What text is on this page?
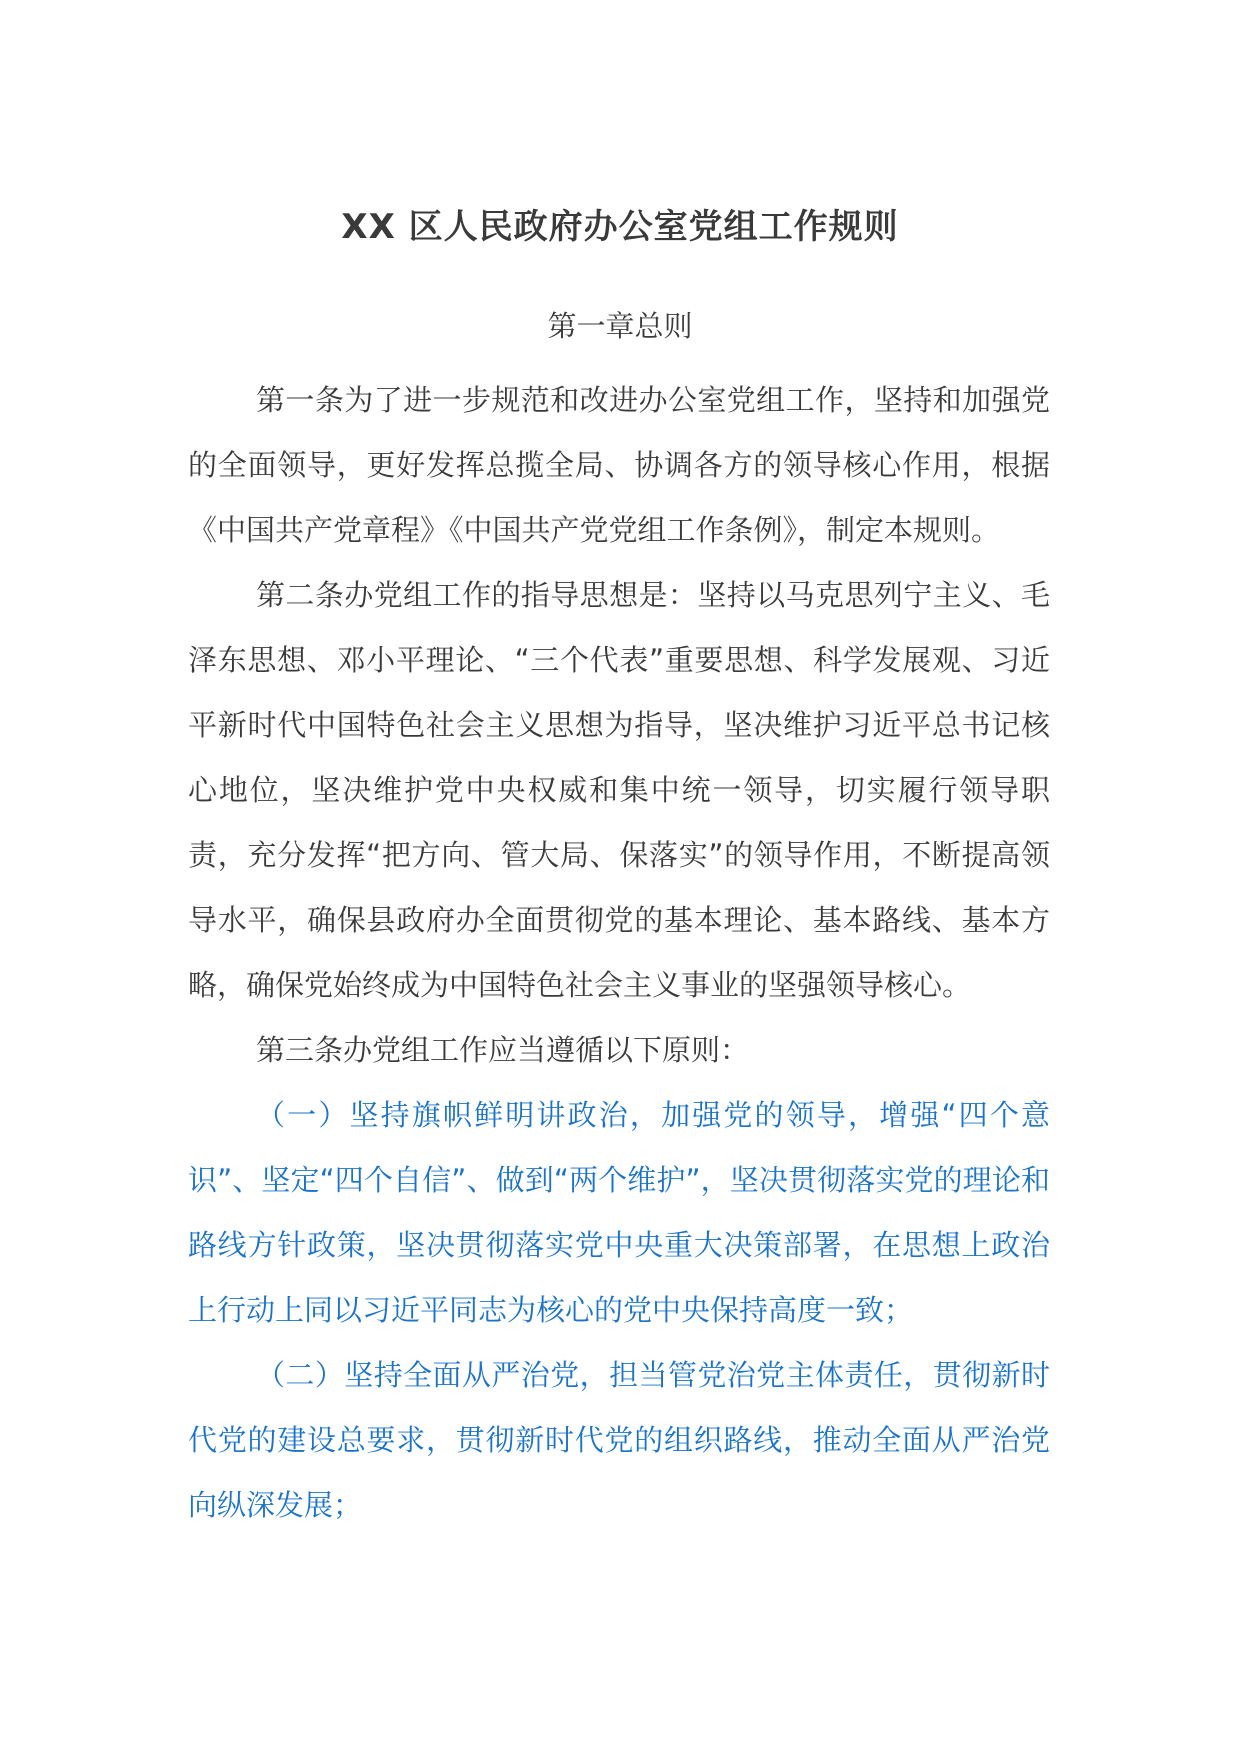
XX 区人民政府办公室党组工作规则
第一章总则

第一条为了进一步规范和改进办公室党组工作，坚持和加强党的全面领导，更好发挥总揽全局、协调各方的领导核心作用，根据《中国共产党章程》《中国共产党党组工作条例》，制定本规则。

第二条办党组工作的指导思想是：坚持以马克思列宁主义、毛泽东思想、邓小平理论、“三个代表”重要思想、科学发展观、习近平新时代中国特色社会主义思想为指导，坚决维护习近平总书记核心地位，坚决维护党中央权威和集中统一领导，切实履行领导职责，充分发挥“把方向、管大局、保落实”的领导作用，不断提高领导水平，确保县政府办全面贯彻党的基本理论、基本路线、基本方略，确保党始终成为中国特色社会主义事业的坚强领导核心。

第三条办党组工作应当遵循以下原则：

（一）坚持旗帜鲜明讲政治，加强党的领导，增强“四个意识”、坚定“四个自信”、做到“两个维护”，坚决贯彻落实党的理论和路线方针政策，坚决贯彻落实党中央重大决策部署，在思想上政治上行动上同以习近平同志为核心的党中央保持高度一致；

（二）坚持全面从严治党，担当管党治党主体责任，贯彻新时代党的建设总要求，贯彻新时代党的组织路线，推动全面从严治党向纵深发展；
